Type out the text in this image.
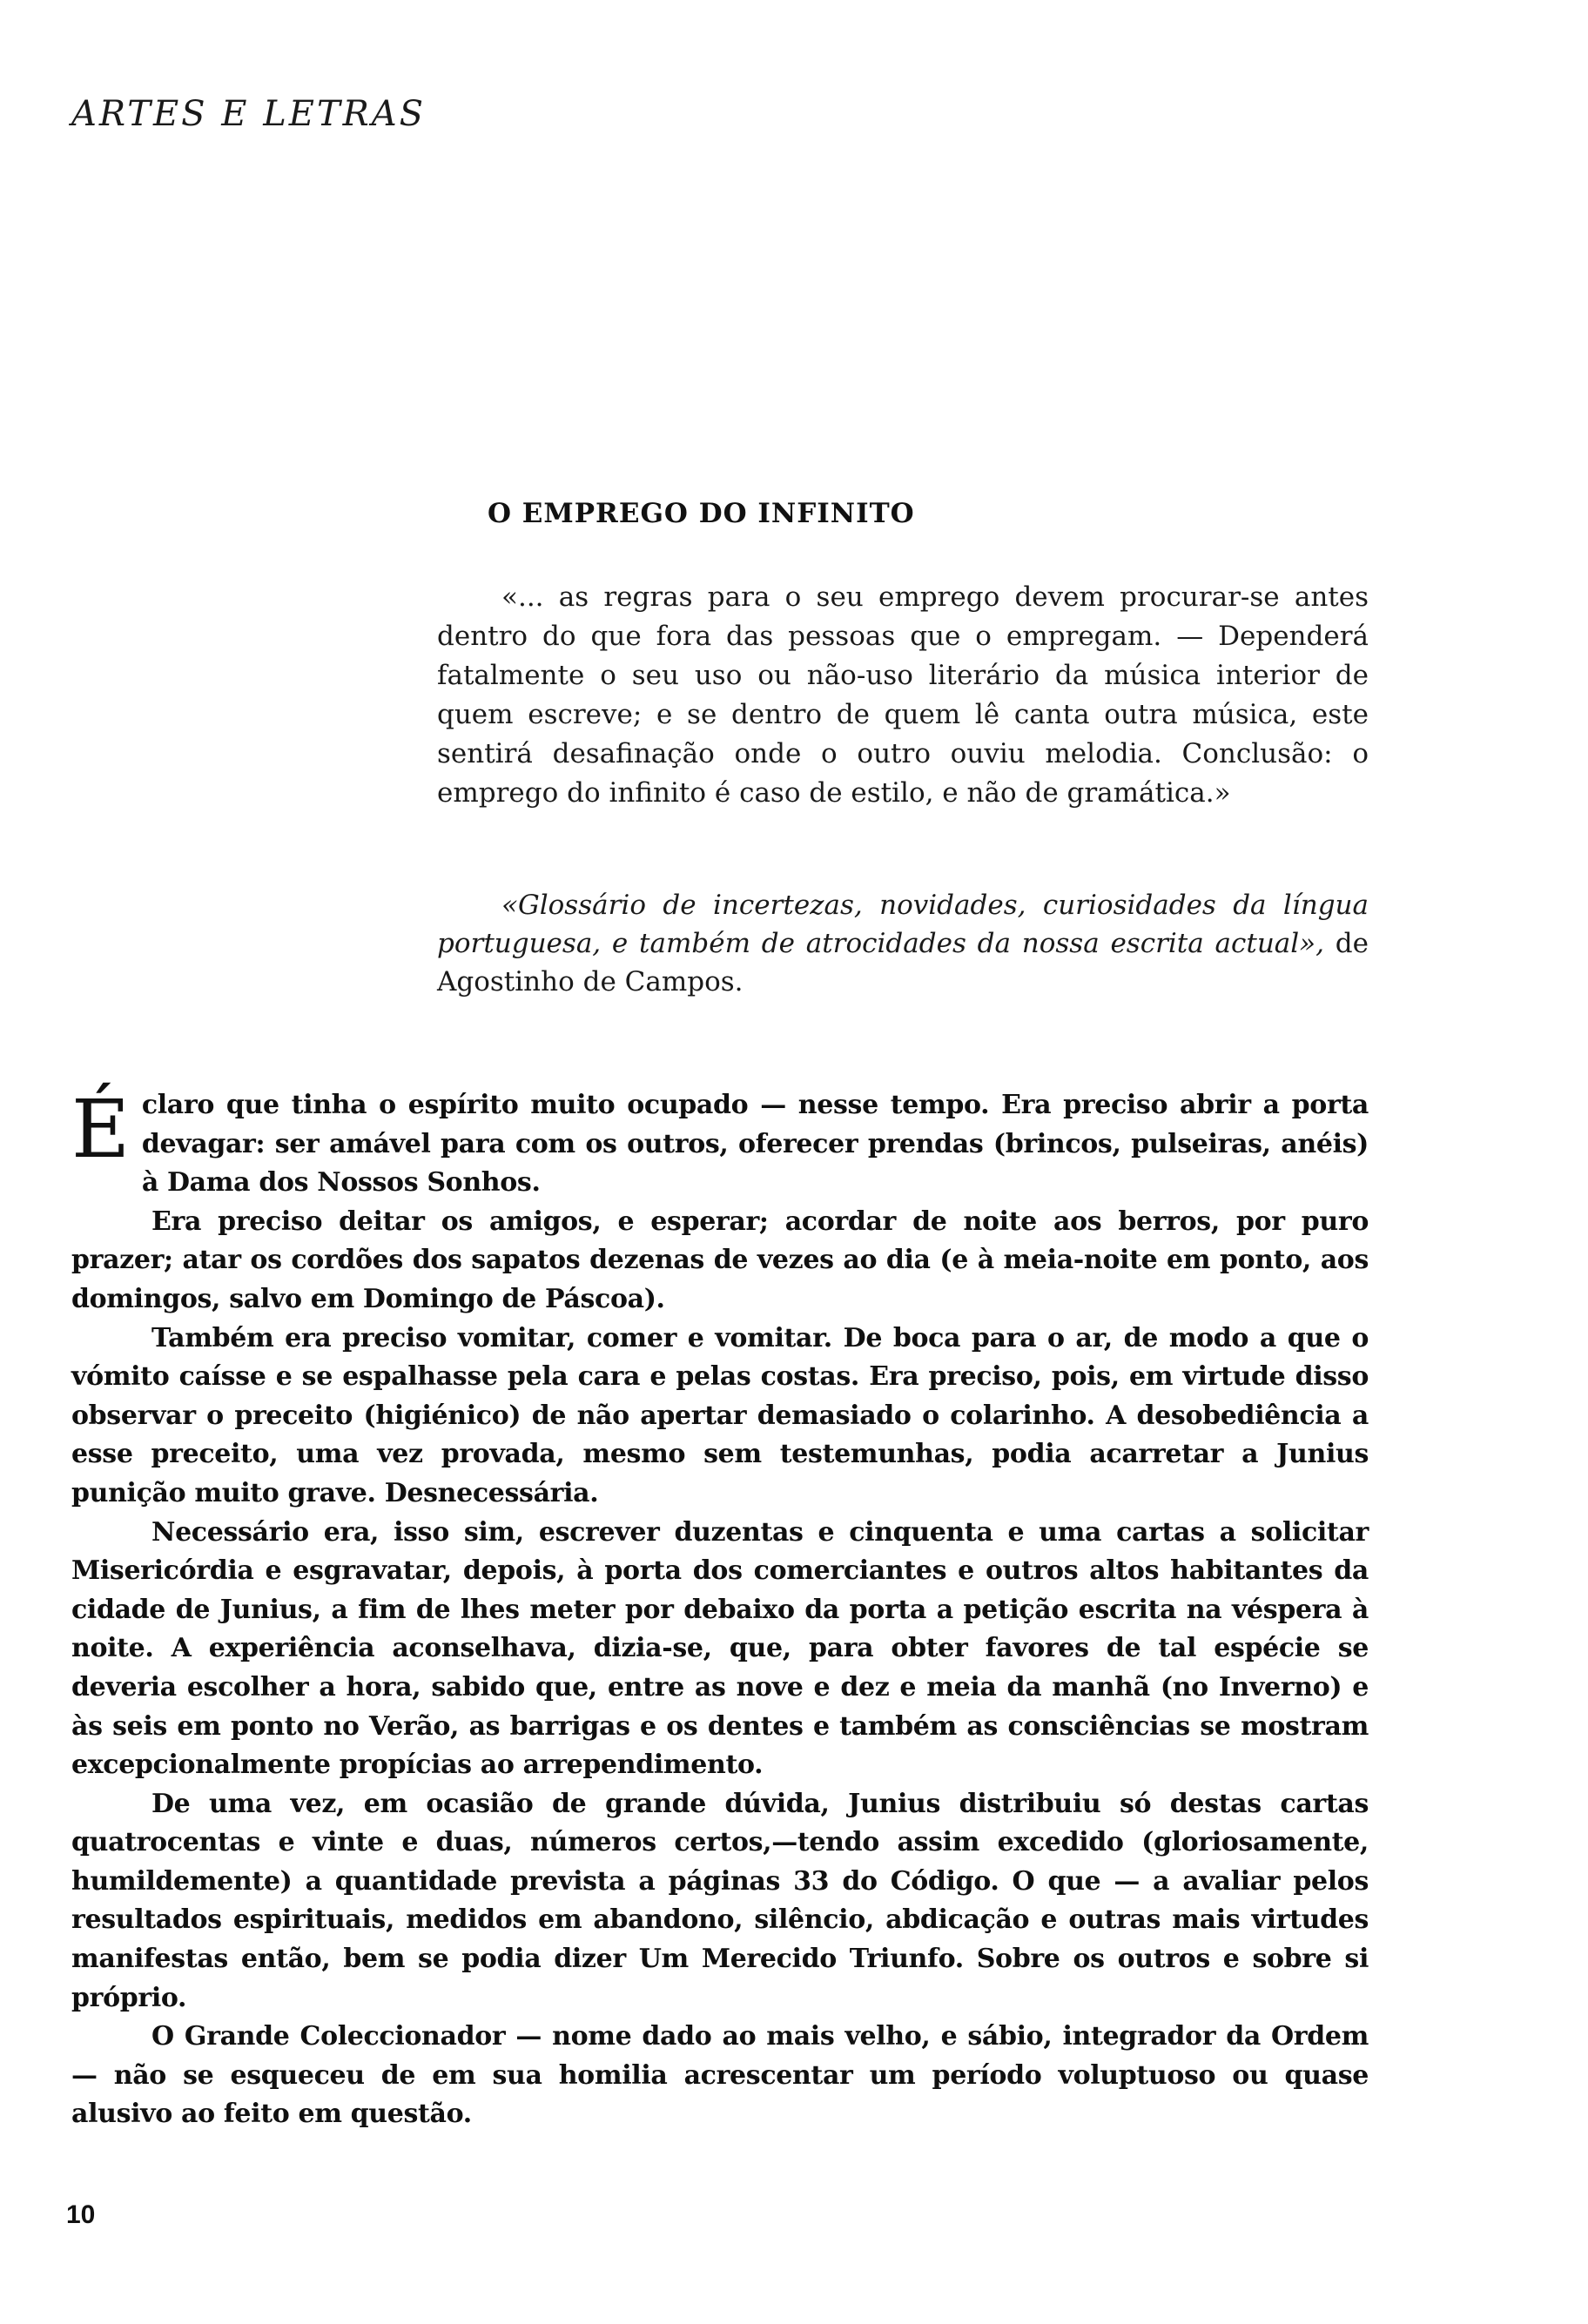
ARTES E LETRAS
O EMPREGO DO INFINITO
«... as regras para o seu emprego devem procurar-se antes dentro do que fora das pessoas que o empregam. — Dependerá fatalmente o seu uso ou não-uso literário da música interior de quem escreve; e se dentro de quem lê canta outra música, este sentirá desafinação onde o outro ouviu melodia. Conclusão: o emprego do infinito é caso de estilo, e não de gramática.»
«Glossário de incertezas, novidades, curiosidades da língua portuguesa, e também de atrocidades da nossa escrita actual», de Agostinho de Campos.

É claro que tinha o espírito muito ocupado — nesse tempo. Era preciso abrir a porta devagar: ser amável para com os outros, oferecer prendas (brincos, pulseiras, anéis) à Dama dos Nossos Sonhos.

Era preciso deitar os amigos, e esperar; acordar de noite aos berros, por puro prazer; atar os cordões dos sapatos dezenas de vezes ao dia (e à meia-noite em ponto, aos domingos, salvo em Domingo de Páscoa).

Também era preciso vomitar, comer e vomitar. De boca para o ar, de modo a que o vómito caísse e se espalhasse pela cara e pelas costas. Era preciso, pois, em virtude disso observar o preceito (higiénico) de não apertar demasiado o colarinho. A desobediência a esse preceito, uma vez provada, mesmo sem testemunhas, podia acarretar a Junius punição muito grave. Desnecessária.

Necessário era, isso sim, escrever duzentas e cinquenta e uma cartas a solicitar Misericórdia e esgravatar, depois, à porta dos comerciantes e outros altos habitantes da cidade de Junius, a fim de lhes meter por debaixo da porta a petição escrita na véspera à noite. A experiência aconselhava, dizia-se, que, para obter favores de tal espécie se deveria escolher a hora, sabido que, entre as nove e dez e meia da manhã (no Inverno) e às seis em ponto no Verão, as barrigas e os dentes e também as consciências se mostram excepcionalmente propícias ao arrependimento.

De uma vez, em ocasião de grande dúvida, Junius distribuiu só destas cartas quatrocentas e vinte e duas, números certos,—tendo assim excedido (gloriosamente, humildemente) a quantidade prevista a páginas 33 do Código. O que — a avaliar pelos resultados espirituais, medidos em abandono, silêncio, abdicação e outras mais virtudes manifestas então, bem se podia dizer Um Merecido Triunfo. Sobre os outros e sobre si próprio.

O Grande Coleccionador — nome dado ao mais velho, e sábio, integrador da Ordem — não se esqueceu de em sua homilia acrescentar um período voluptuoso ou quase alusivo ao feito em questão.

10
